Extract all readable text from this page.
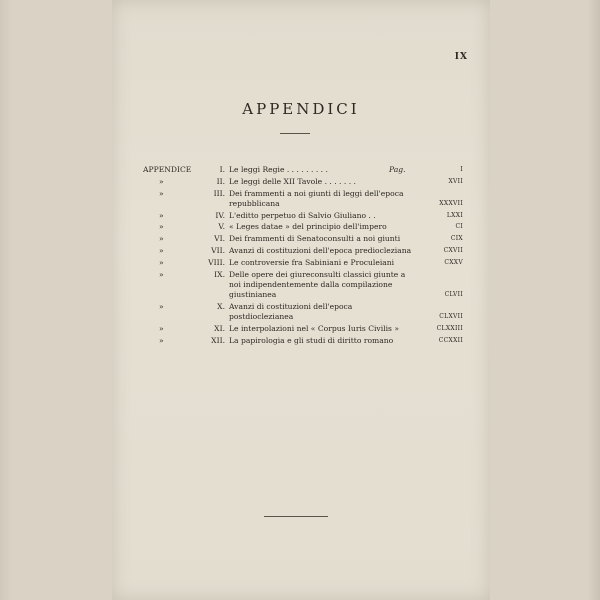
IX
APPENDICI
APPENDICE	I. Le leggi Regie . . . . . . . . .	Pag.	I
»	II. Le leggi delle XII Tavole . . . . . . .	XVII
»	III. Dei frammenti a noi giunti di leggi dell'epoca repubblicana	XXXVII
»	IV. L'editto perpetuo di Salvio Giuliano . .	LXXI
»	V. « Leges datae » del principio dell'impero	CI
»	VI. Dei frammenti di Senatoconsulti a noi giunti	CIX
»	VII. Avanzi di costituzioni dell'epoca prediocleziana	CXVII
»	VIII. Le controversie fra Sabiniani e Proculeiani	CXXV
»	IX. Delle opere dei giureconsulti classici giunte a noi indipendentemente dalla compilazione giustinianea	CLVII
»	X. Avanzi di costituzioni dell'epoca postdioclezianea	CLXVII
»	XI. Le interpolazioni nel « Corpus Iuris Civilis »	CLXXIII
»	XII. La papirologia e gli studi di diritto romano	CCXXII
